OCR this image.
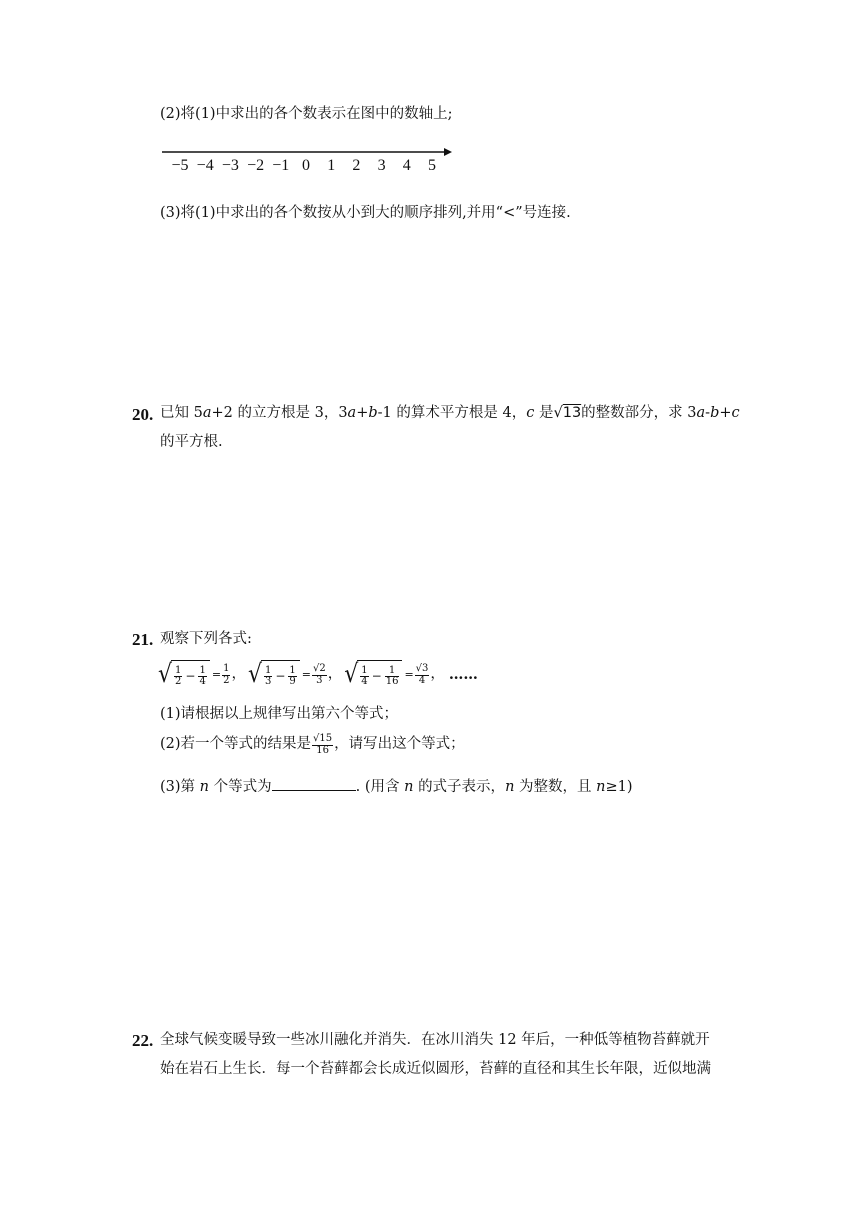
(2)将(1)中求出的各个数表示在图中的数轴上;
−5 −4 −3 −2 −1 0 1 2 3 4 5
(3)将(1)中求出的各个数按从小到大的顺序排列,并用“<”号连接.
20. 已知 5a+2 的立方根是 3，3a+b-1 的算术平方根是 4，c 是√13的整数部分，求 3a-b+c
的平方根.
21. 观察下列各式:
√ $\frac{1}{2} - \frac{1}{4} = \frac{1}{2}$ ， √ $\frac{1}{3} - \frac{1}{9} = \frac{√2}{3}$ ， √ $\frac{1}{4} - \frac{1}{16} = \frac{√3}{4}$ ， ……
(1)请根据以上规律写出第六个等式；
(2)若一个等式的结果是 $\frac{√15}{16}$ ，请写出这个等式；
(3)第 n 个等式为	. (用含 n 的式子表示，n 为整数，且 n≥1)
22. 全球气候变暖导致一些冰川融化并消失．在冰川消失 12 年后，一种低等植物苔藓就开
始在岩石上生长．每一个苔藓都会长成近似圆形，苔藓的直径和其生长年限，近似地满
